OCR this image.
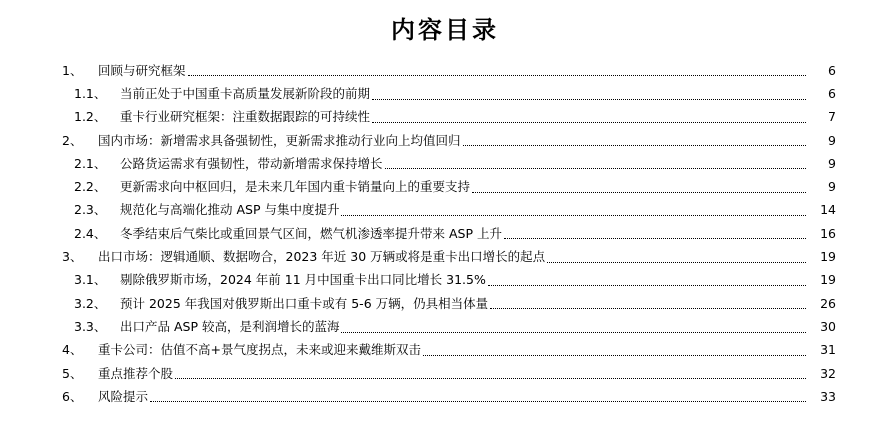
内容目录
1、	回顾与研究框架	6
1.1、	当前正处于中国重卡高质量发展新阶段的前期	6
1.2、	重卡行业研究框架：注重数据跟踪的可持续性	7
2、	国内市场：新增需求具备强韧性，更新需求推动行业向上均值回归	9
2.1、	公路货运需求有强韧性，带动新增需求保持增长	9
2.2、	更新需求向中枢回归，是未来几年国内重卡销量向上的重要支持	9
2.3、	规范化与高端化推动 ASP 与集中度提升	14
2.4、	冬季结束后气柴比或重回景气区间，燃气机渗透率提升带来 ASP 上升	16
3、	出口市场：逻辑通顺、数据吻合，2023 年近 30 万辆或将是重卡出口增长的起点	19
3.1、	剔除俄罗斯市场，2024 年前 11 月中国重卡出口同比增长 31.5%	19
3.2、	预计 2025 年我国对俄罗斯出口重卡或有 5-6 万辆，仍具相当体量	26
3.3、	出口产品 ASP 较高，是利润增长的蓝海	30
4、	重卡公司：估值不高+景气度拐点，未来或迎来戴维斯双击	31
5、	重点推荐个股	32
6、	风险提示	33
